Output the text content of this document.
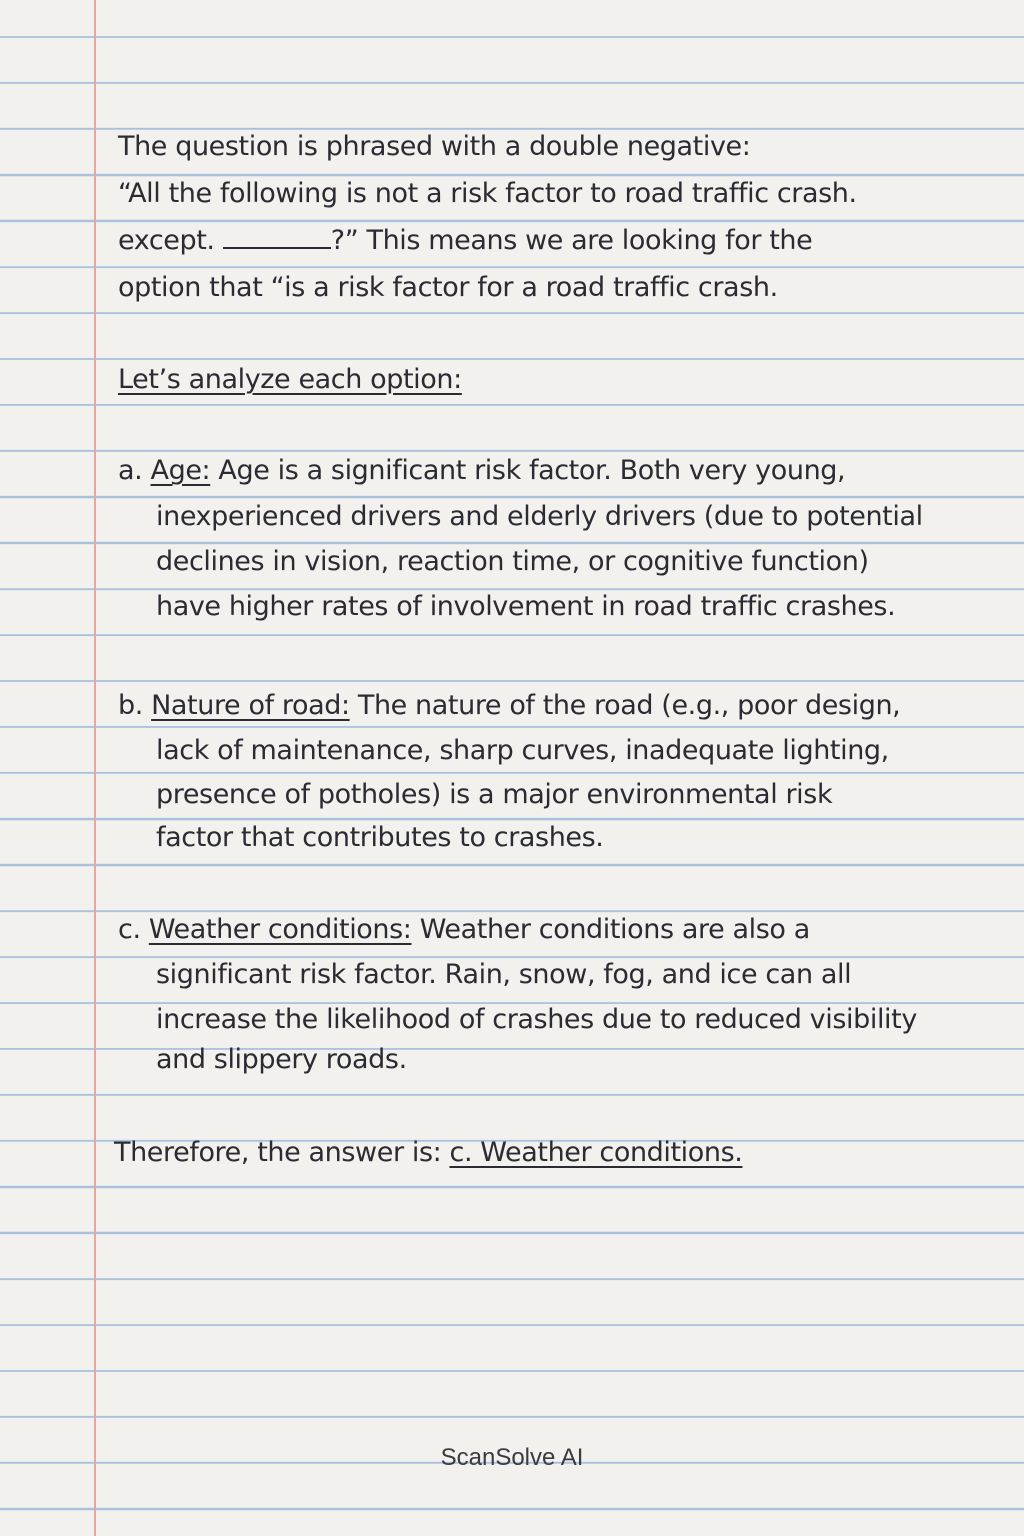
The question is phrased with a double negative:
“All the following is not a risk factor to road traffic crash.
except.	?” This means we are looking for the
option that “is a risk factor for a road traffic crash.
Let’s analyze each option:
a. Age: Age is a significant risk factor. Both very young,
inexperienced drivers and elderly drivers (due to potential
declines in vision, reaction time, or cognitive function)
have higher rates of involvement in road traffic crashes.
b. Nature of road: The nature of the road (e.g., poor design,
lack of maintenance, sharp curves, inadequate lighting,
presence of potholes) is a major environmental risk
factor that contributes to crashes.
c. Weather conditions: Weather conditions are also a
significant risk factor. Rain, snow, fog, and ice can all
increase the likelihood of crashes due to reduced visibility
and slippery roads.
Therefore, the answer is: c. Weather conditions.
ScanSolve AI
